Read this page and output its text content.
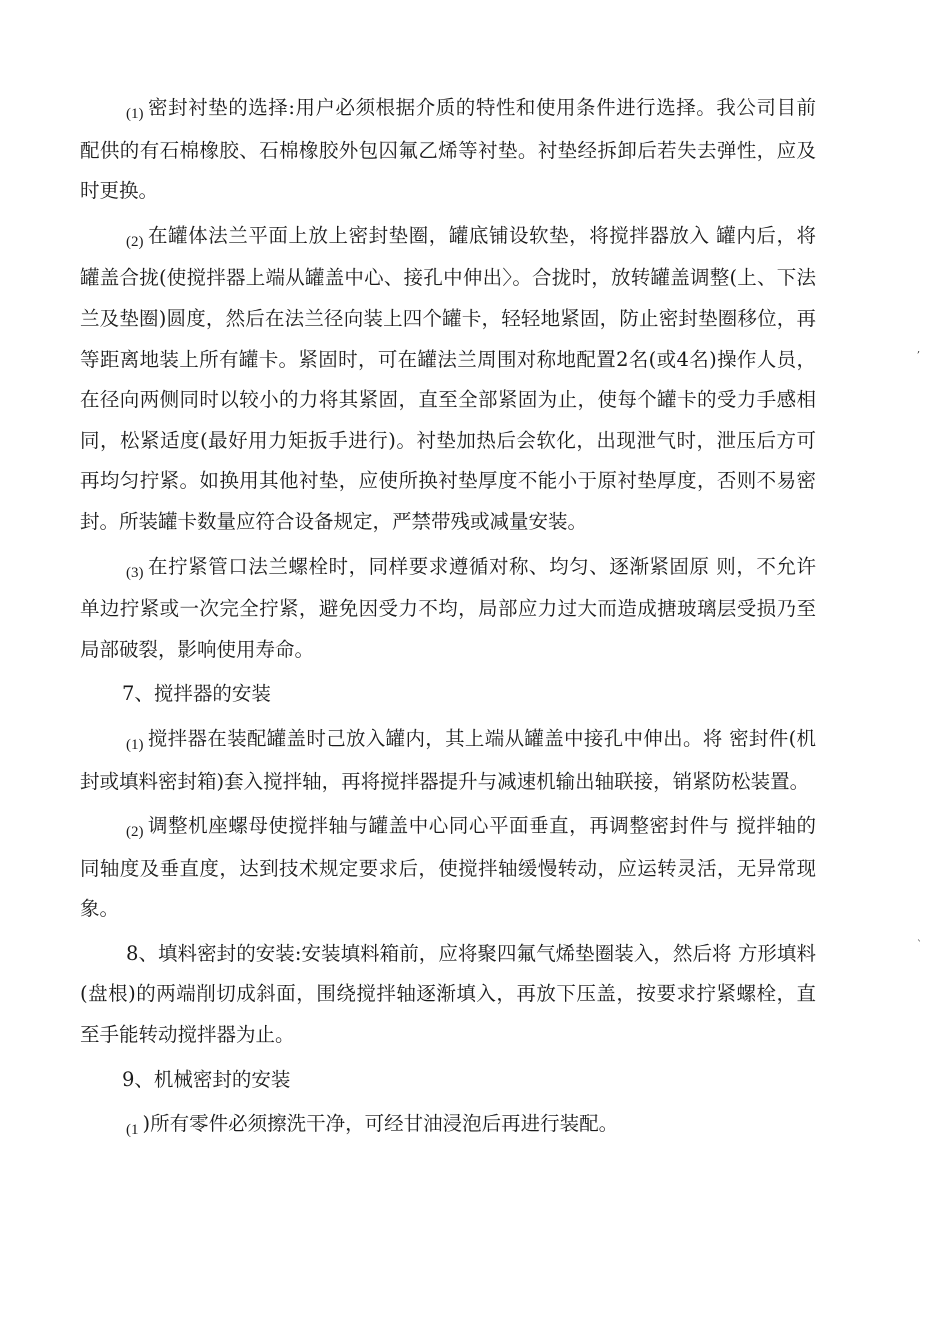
$_{(1)}$ 密封衬垫的选择:用户必须根据介质的特性和使用条件进行选择。我公司目前配供的有石棉橡胶、石棉橡胶外包囚氟乙烯等衬垫。衬垫经拆卸后若失去弹性，应及时更换。

$_{(2)}$ 在罐体法兰平面上放上密封垫圈，罐底铺设软垫，将搅拌器放入 罐内后，将罐盖合拢(使搅拌器上端从罐盖中心、接孔中伸出〉。合拢时，放转罐盖调整(上、下法兰及垫圈)圆度，然后在法兰径向装上四个罐卡，轻轻地紧固，防止密封垫圈移位，再等距离地装上所有罐卡。紧固时，可在罐法兰周围对称地配置2名(或4名)操作人员，在径向两侧同时以较小的力将其紧固，直至全部紧固为止，使每个罐卡的受力手感相同，松紧适度(最好用力矩扳手进行)。衬垫加热后会软化，出现泄气时，泄压后方可再均匀拧紧。如换用其他衬垫，应使所换衬垫厚度不能小于原衬垫厚度，否则不易密封。所装罐卡数量应符合设备规定，严禁带残或减量安装。

$_{(3)}$ 在拧紧管口法兰螺栓时，同样要求遵循对称、均匀、逐渐紧固原 则，不允许单边拧紧或一次完全拧紧，避免因受力不均，局部应力过大而造成搪玻璃层受损乃至局部破裂，影响使用寿命。

7、搅拌器的安装

$_{(1)}$ 搅拌器在装配罐盖时己放入罐内，其上端从罐盖中接孔中伸出。将 密封件(机封或填料密封箱)套入搅拌轴，再将搅拌器提升与减速机输出轴联接，销紧防松装置。

$_{(2)}$ 调整机座螺母使搅拌轴与罐盖中心同心平面垂直，再调整密封件与 搅拌轴的同轴度及垂直度，达到技术规定要求后，使搅拌轴缓慢转动，应运转灵活，无异常现象。

8、填料密封的安装:安装填料箱前，应将聚四氟气烯垫圈装入，然后将 方形填料(盘根)的两端削切成斜面，围绕搅拌轴逐渐填入，再放下压盖，按要求拧紧螺栓，直至手能转动搅拌器为止。

9、机械密封的安装

$_{(1}$ )所有零件必须擦洗干净，可经甘油浸泡后再进行装配。

,
`
